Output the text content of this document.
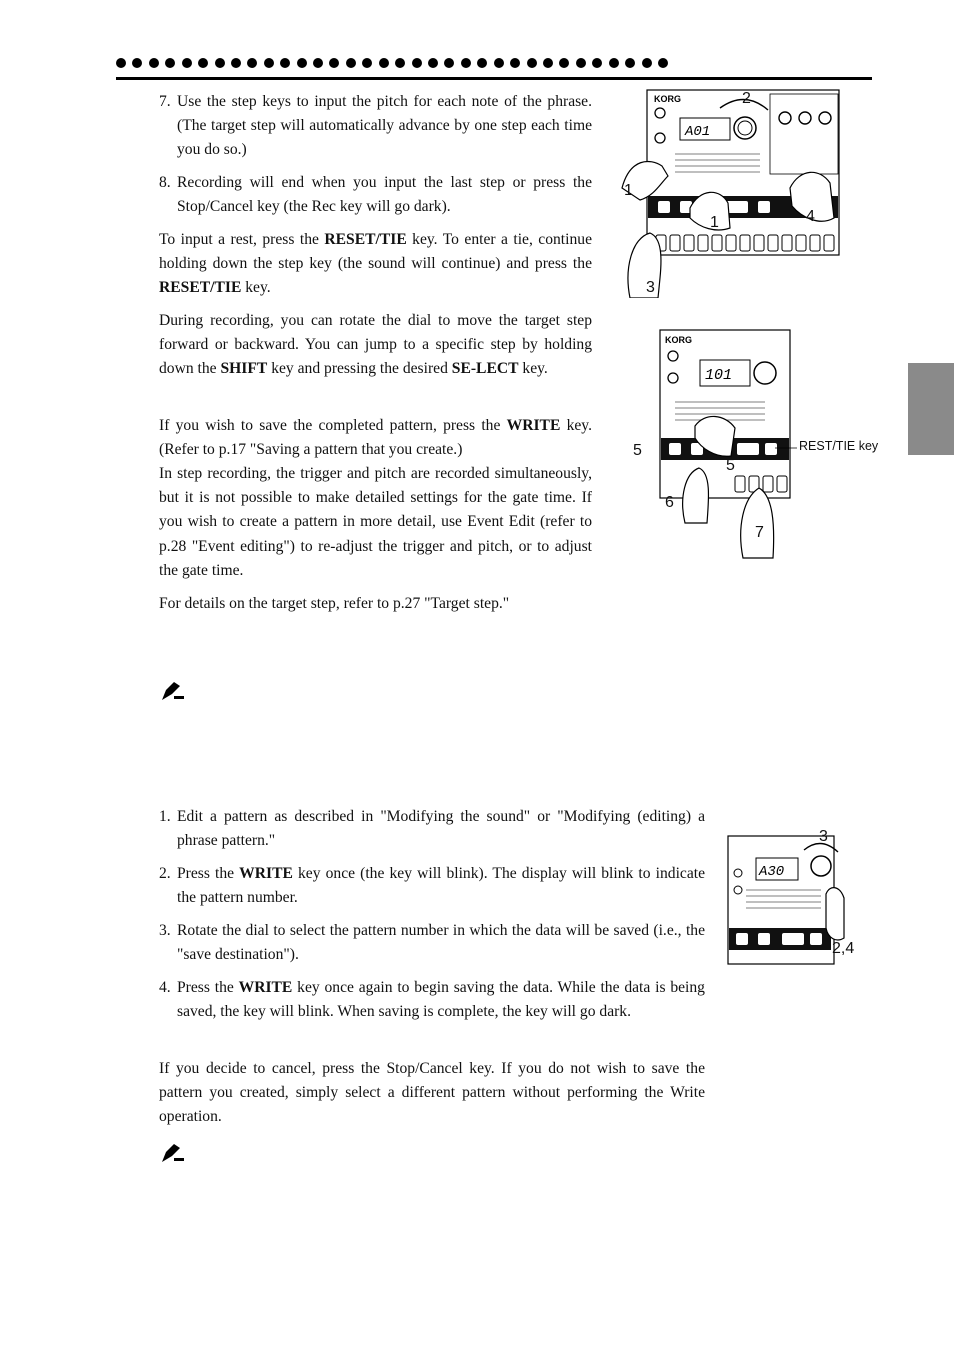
7. Use the step keys to input the pitch for each note of the phrase. (The target step will automatically advance by one step each time you do so.)
8. Recording will end when you input the last step or press the Stop/Cancel key (the Rec key will go dark).
To input a rest, press the RESET/TIE key. To enter a tie, continue holding down the step key (the sound will continue) and press the RESET/TIE key.
During recording, you can rotate the dial to move the target step forward or backward. You can jump to a specific step by holding down the SHIFT key and pressing the desired SE-LECT key.
If you wish to save the completed pattern, press the WRITE key. (Refer to p.17 "Saving a pattern that you create.)
In step recording, the trigger and pitch are recorded simultaneously, but it is not possible to make detailed settings for the gate time. If you wish to create a pattern in more detail, use Event Edit (refer to p.28 "Event editing") to re-adjust the trigger and pitch, or to adjust the gate time.
For details on the target step, refer to p.27 "Target step."
1. Edit a pattern as described in "Modifying the sound" or "Modifying (editing) a phrase pattern."
2. Press the WRITE key once (the key will blink). The display will blink to indicate the pattern number.
3. Rotate the dial to select the pattern number in which the data will be saved (i.e., the "save destination").
4. Press the WRITE key once again to begin saving the data. While the data is being saved, the key will blink. When saving is complete, the key will go dark.
If you decide to cancel, press the Stop/Cancel key. If you do not wish to save the pattern you created, simply select a different pattern without performing the Write operation.
KORG
A01
2
1
1	4
3
KORG
101
5
5
6
7
REST/TIE key
A30
3
2,4
